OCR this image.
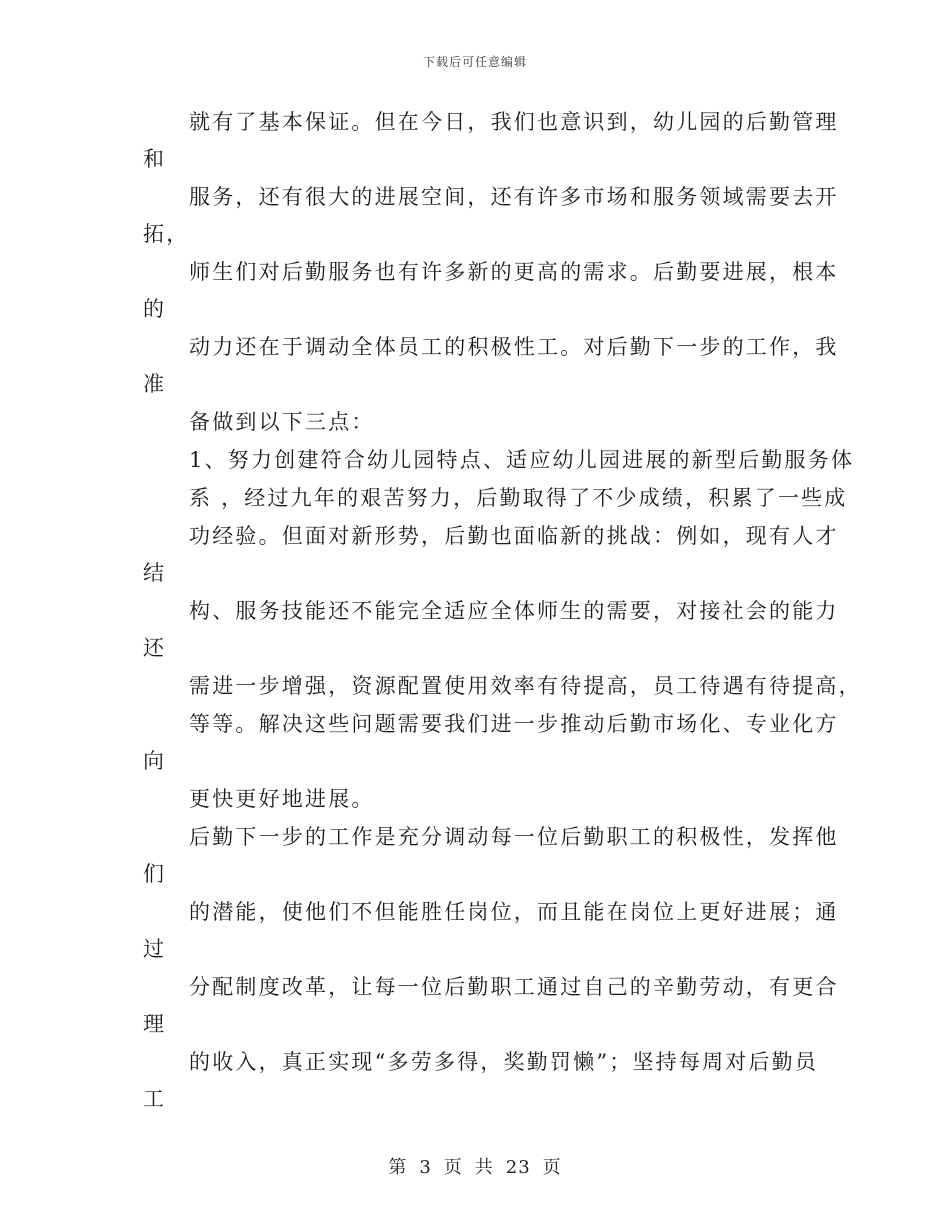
下载后可任意编辑
就有了基本保证。但在今日，我们也意识到，幼儿园的后勤管理
和
服务，还有很大的进展空间，还有许多市场和服务领域需要去开
拓，
师生们对后勤服务也有许多新的更高的需求。后勤要进展，根本
的
动力还在于调动全体员工的积极性工。对后勤下一步的工作，我
准
备做到以下三点：
1、努力创建符合幼儿园特点、适应幼儿园进展的新型后勤服务体
系 ，经过九年的艰苦努力，后勤取得了不少成绩，积累了一些成
功经验。但面对新形势，后勤也面临新的挑战：例如，现有人才
结
构、服务技能还不能完全适应全体师生的需要，对接社会的能力
还
需进一步增强，资源配置使用效率有待提高，员工待遇有待提高，
等等。解决这些问题需要我们进一步推动后勤市场化、专业化方
向
更快更好地进展。
后勤下一步的工作是充分调动每一位后勤职工的积极性，发挥他
们
的潜能，使他们不但能胜任岗位，而且能在岗位上更好进展；通
过
分配制度改革，让每一位后勤职工通过自己的辛勤劳动，有更合
理
的收入，真正实现“多劳多得，奖勤罚懒”；坚持每周对后勤员
工
第 3 页 共 23 页
